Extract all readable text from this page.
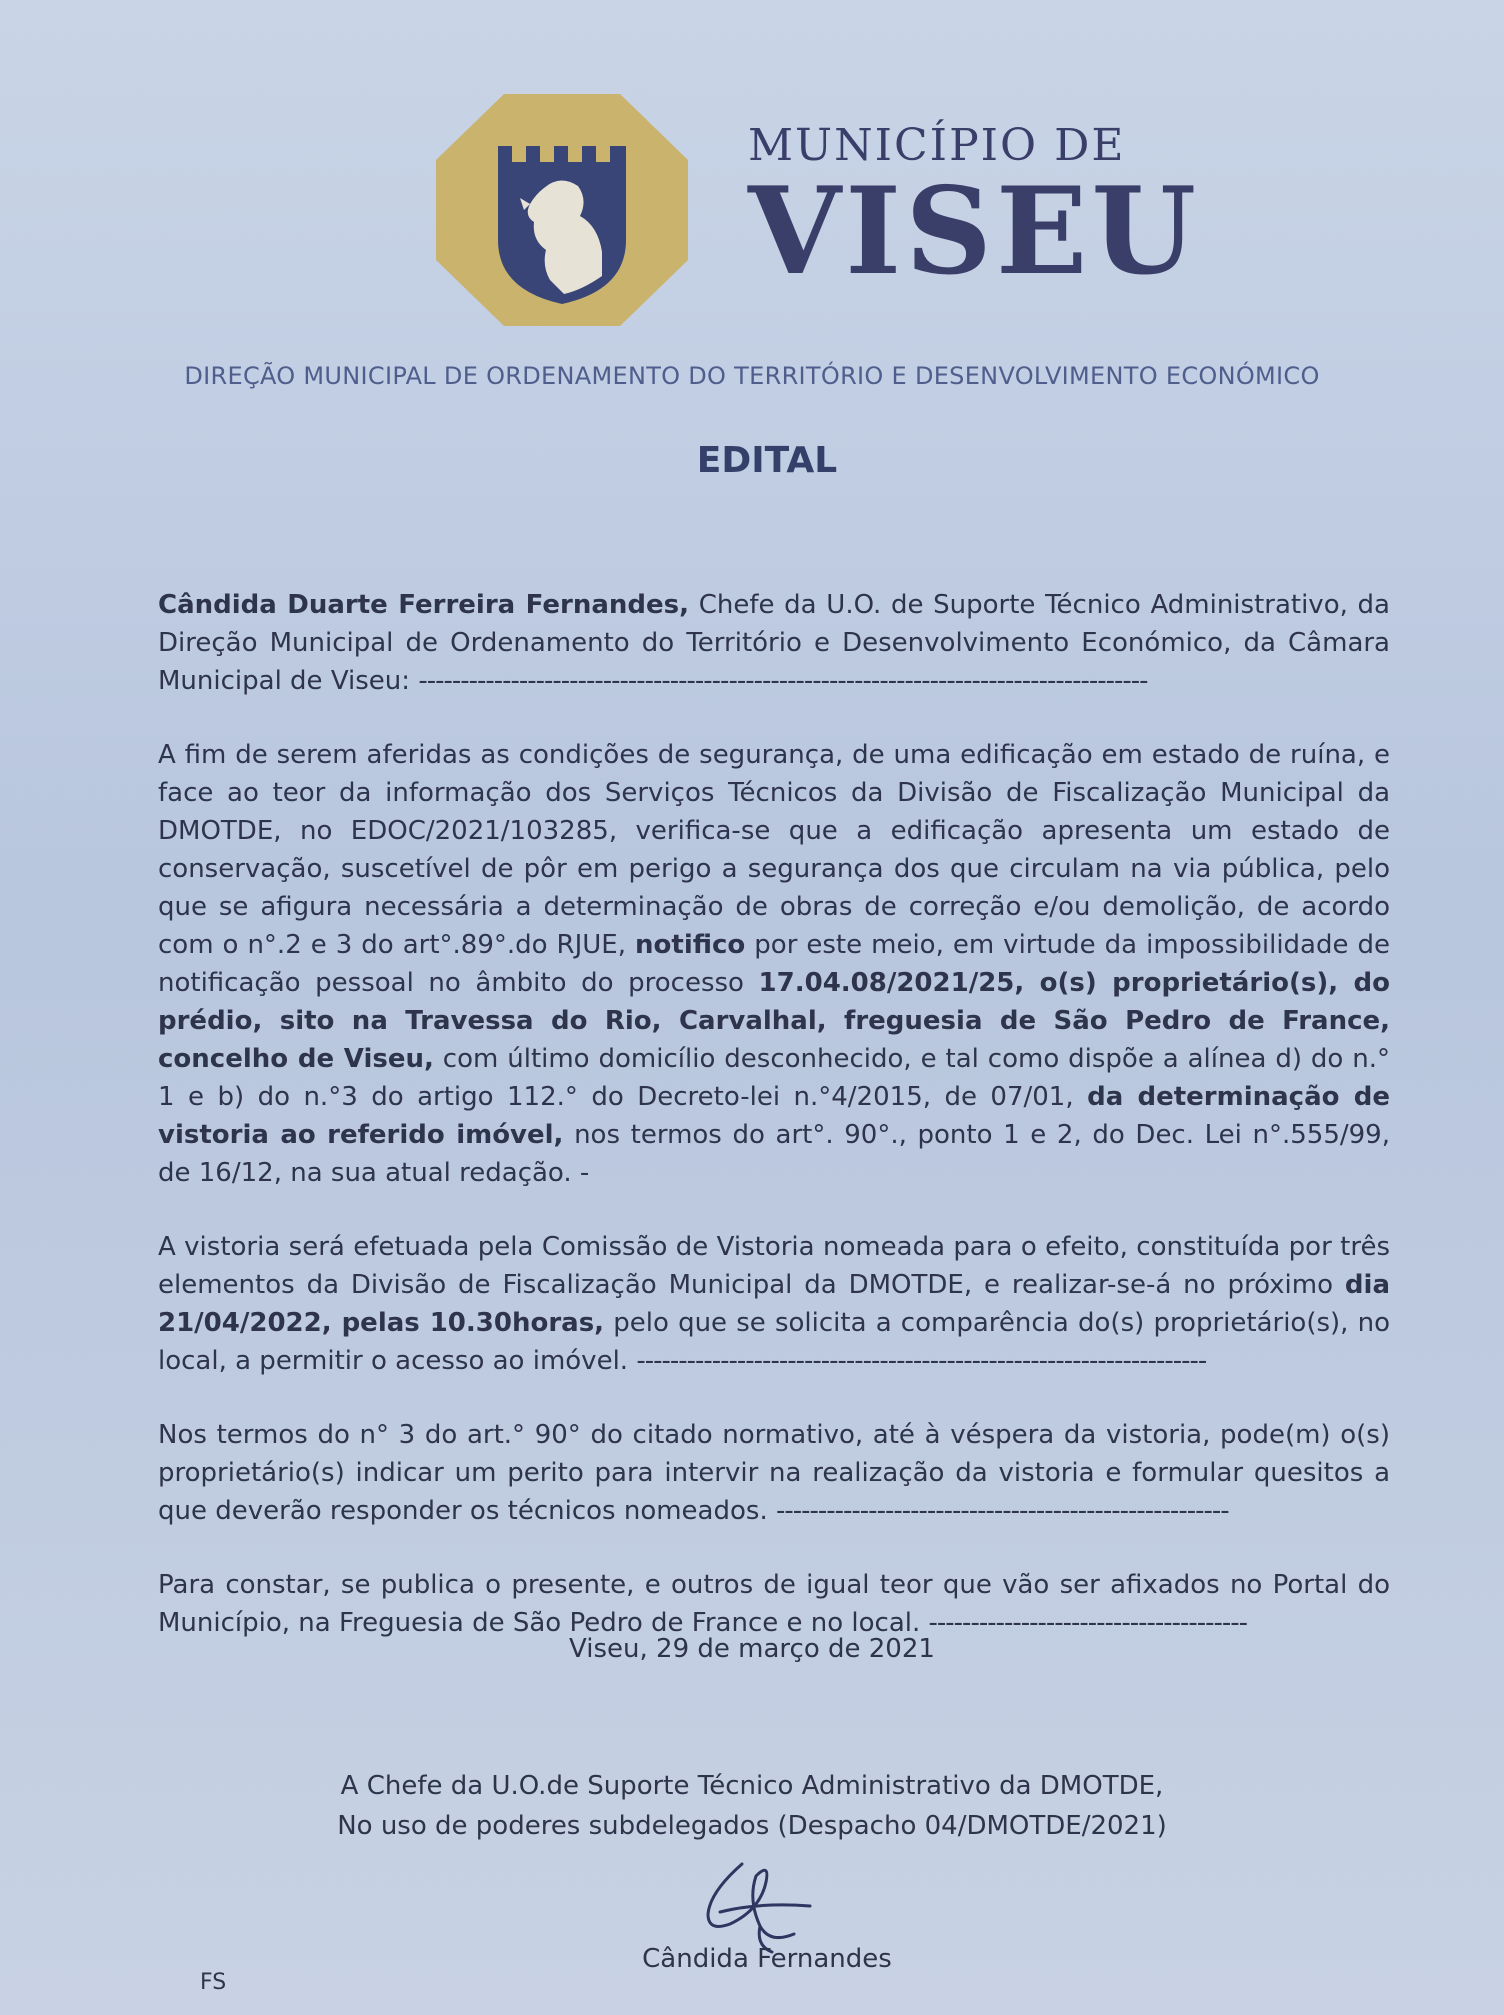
MUNICÍPIO DE
VISEU
DIREÇÃO MUNICIPAL DE ORDENAMENTO DO TERRITÓRIO E DESENVOLVIMENTO ECONÓMICO
EDITAL

Cândida Duarte Ferreira Fernandes, Chefe da U.O. de Suporte Técnico Administrativo, da Direção Municipal de Ordenamento do Território e Desenvolvimento Económico, da Câmara Municipal de Viseu: ---------------------------------------------------------------------------------------

A fim de serem aferidas as condições de segurança, de uma edificação em estado de ruína, e face ao teor da informação dos Serviços Técnicos da Divisão de Fiscalização Municipal da DMOTDE, no EDOC/2021/103285, verifica-se que a edificação apresenta um estado de conservação, suscetível de pôr em perigo a segurança dos que circulam na via pública, pelo que se afigura necessária a determinação de obras de correção e/ou demolição, de acordo com o n°.2 e 3 do art°.89°.do RJUE, notifico por este meio, em virtude da impossibilidade de notificação pessoal no âmbito do processo 17.04.08/2021/25, o(s) proprietário(s), do prédio, sito na Travessa do Rio, Carvalhal, freguesia de São Pedro de France, concelho de Viseu, com último domicílio desconhecido, e tal como dispõe a alínea d) do n.° 1 e b) do n.°3 do artigo 112.° do Decreto-lei n.°4/2015, de 07/01, da determinação de vistoria ao referido imóvel, nos termos do art°. 90°., ponto 1 e 2, do Dec. Lei n°.555/99, de 16/12, na sua atual redação. -

A vistoria será efetuada pela Comissão de Vistoria nomeada para o efeito, constituída por três elementos da Divisão de Fiscalização Municipal da DMOTDE, e realizar-se-á no próximo dia 21/04/2022, pelas 10.30horas, pelo que se solicita a comparência do(s) proprietário(s), no local, a permitir o acesso ao imóvel. --------------------------------------------------------------------

Nos termos do n° 3 do art.° 90° do citado normativo, até à véspera da vistoria, pode(m) o(s) proprietário(s) indicar um perito para intervir na realização da vistoria e formular quesitos a que deverão responder os técnicos nomeados. ------------------------------------------------------

Para constar, se publica o presente, e outros de igual teor que vão ser afixados no Portal do Município, na Freguesia de São Pedro de France e no local. --------------------------------------

Viseu, 29 de março de 2021
A Chefe da U.O.de Suporte Técnico Administrativo da DMOTDE,
No uso de poderes subdelegados (Despacho 04/DMOTDE/2021)
Cândida Fernandes
FS
